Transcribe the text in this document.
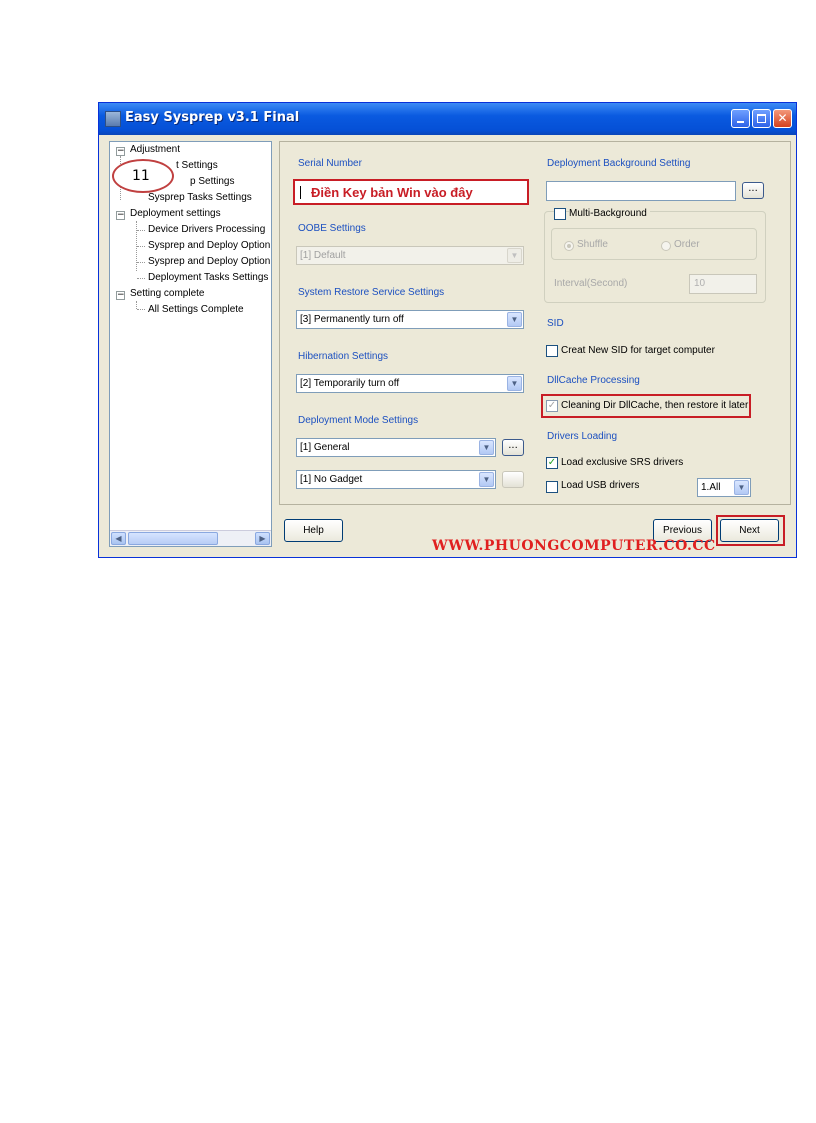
Easy Sysprep v3.1 Final	✕
− Adjustment
t Settings
p Settings
Sysprep Tasks Settings
− Deployment settings
Device Drivers Processing
Sysprep and Deploy Option
Sysprep and Deploy Option
Deployment Tasks Settings
− Setting complete
All Settings Complete
◀	▶
11
Serial Number
Điền Key bản Win vào đây
OOBE Settings
[1] Default	▼
System Restore Service Settings
[3] Permanently turn off	▼
Hibernation Settings
[2] Temporarily turn off	▼
Deployment Mode Settings
[1] General	▼	...
[1] No Gadget	▼
Deployment Background Setting
...
Multi-Background
Shuffle	Order
Interval(Second)	10
SID
Creat New SID for target computer
DllCache Processing
✓ Cleaning Dir DllCache, then restore it later
Drivers Loading
✓ Load exclusive SRS drivers
Load USB drivers	1.All	▼
Help	Previous	Next
WWW.PHUONGCOMPUTER.CO.CC
